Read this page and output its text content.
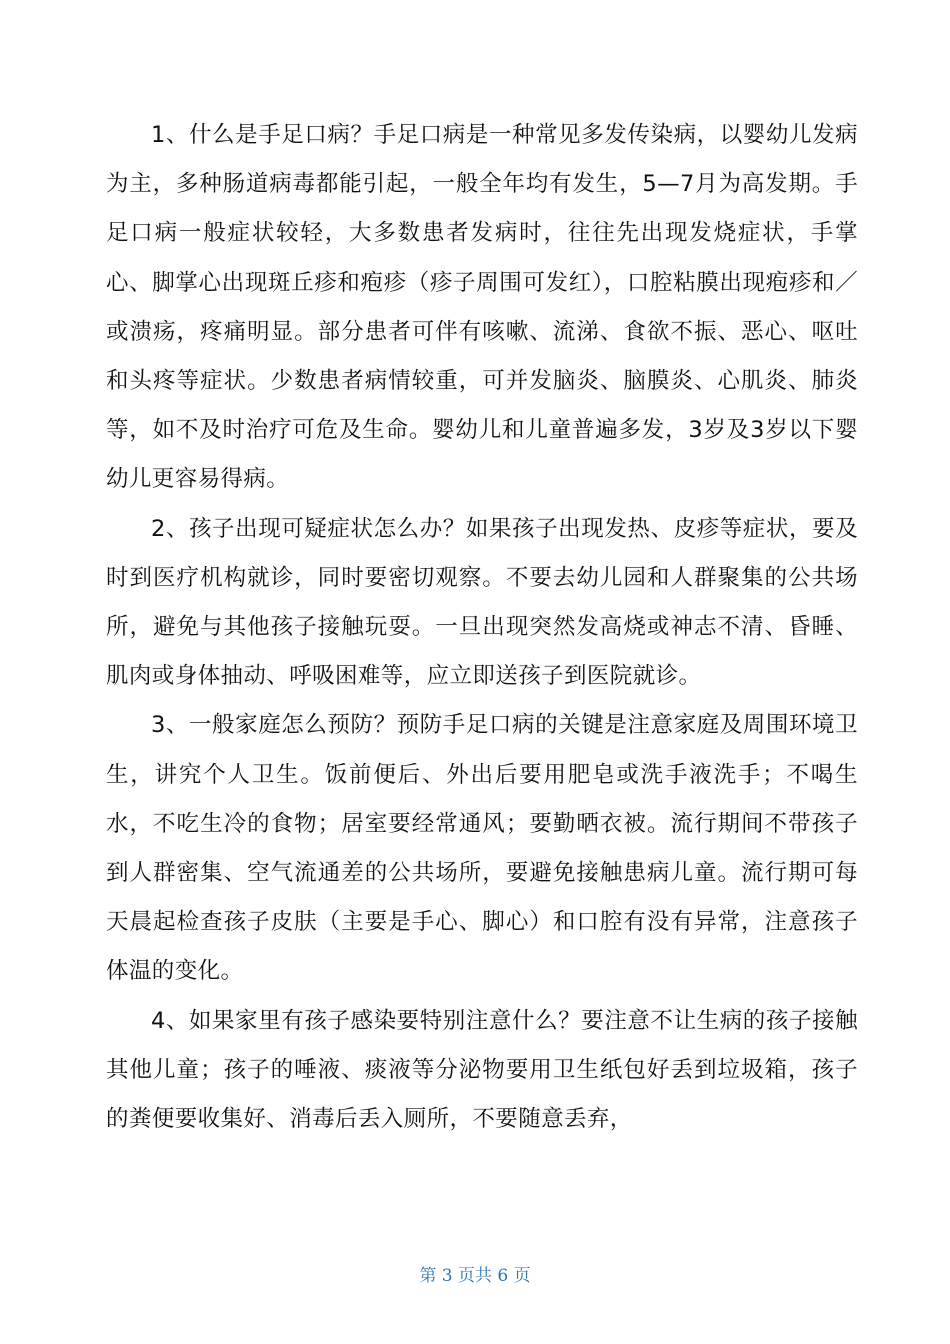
1、什么是手足口病？手足口病是一种常见多发传染病，以婴幼儿发病为主，多种肠道病毒都能引起，一般全年均有发生，5—7月为高发期。手足口病一般症状较轻，大多数患者发病时，往往先出现发烧症状，手掌心、脚掌心出现斑丘疹和疱疹（疹子周围可发红），口腔粘膜出现疱疹和／或溃疡，疼痛明显。部分患者可伴有咳嗽、流涕、食欲不振、恶心、呕吐和头疼等症状。少数患者病情较重，可并发脑炎、脑膜炎、心肌炎、肺炎等，如不及时治疗可危及生命。婴幼儿和儿童普遍多发，3岁及3岁以下婴幼儿更容易得病。

2、孩子出现可疑症状怎么办？如果孩子出现发热、皮疹等症状，要及时到医疗机构就诊，同时要密切观察。不要去幼儿园和人群聚集的公共场所，避免与其他孩子接触玩耍。一旦出现突然发高烧或神志不清、昏睡、肌肉或身体抽动、呼吸困难等，应立即送孩子到医院就诊。

3、一般家庭怎么预防？预防手足口病的关键是注意家庭及周围环境卫生，讲究个人卫生。饭前便后、外出后要用肥皂或洗手液洗手；不喝生水，不吃生冷的食物；居室要经常通风；要勤晒衣被。流行期间不带孩子到人群密集、空气流通差的公共场所，要避免接触患病儿童。流行期可每天晨起检查孩子皮肤（主要是手心、脚心）和口腔有没有异常，注意孩子体温的变化。

4、如果家里有孩子感染要特别注意什么？要注意不让生病的孩子接触其他儿童；孩子的唾液、痰液等分泌物要用卫生纸包好丢到垃圾箱，孩子的粪便要收集好、消毒后丢入厕所，不要随意丢弃，

第 3 页共 6 页
